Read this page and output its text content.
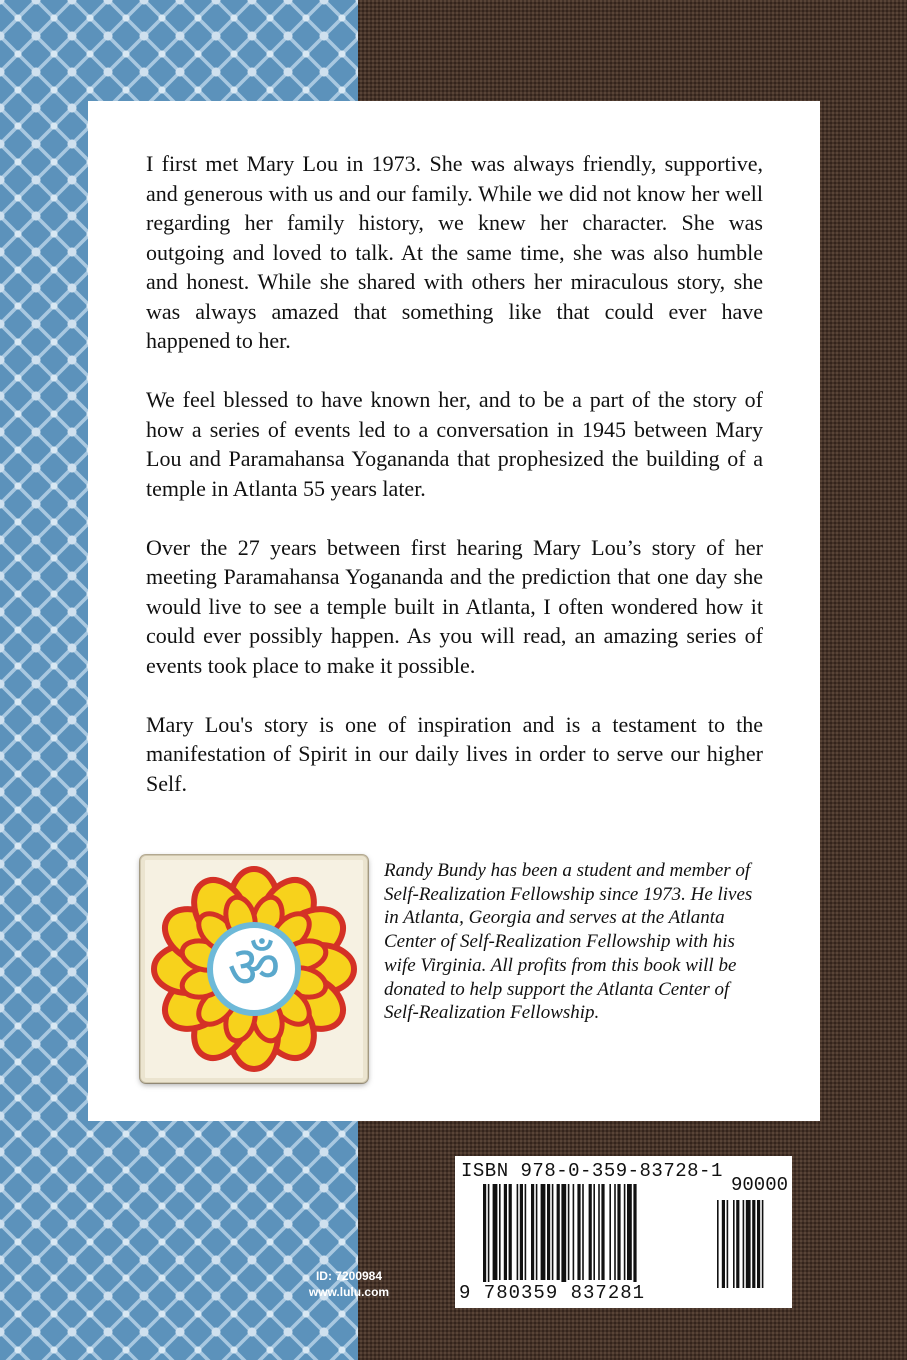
I first met Mary Lou in 1973. She was always friendly, supportive, and generous with us and our family. While we did not know her well regarding her family history, we knew her character. She was outgoing and loved to talk. At the same time, she was also humble and honest. While she shared with others her miraculous story, she was always amazed that something like that could ever have happened to her.

We feel blessed to have known her, and to be a part of the story of how a series of events led to a conversation in 1945 between Mary Lou and Paramahansa Yogananda that prophesized the building of a temple in Atlanta 55 years later.

Over the 27 years between first hearing Mary Lou’s story of her meeting Paramahansa Yogananda and the prediction that one day she would live to see a temple built in Atlanta, I often wondered how it could ever possibly happen. As you will read, an amazing series of events took place to make it possible.

Mary Lou's story is one of inspiration and is a testament to the manifestation of Spirit in our daily lives in order to serve our higher Self.

ॐ
Randy Bundy has been a student and member of Self-Realization Fellowship since 1973. He lives in Atlanta, Georgia and serves at the Atlanta Center of Self-Realization Fellowship with his wife Virginia. All profits from this book will be donated to help support the Atlanta Center of Self-Realization Fellowship.
ISBN 978-0-359-83728-1
90000
9 780359 837281
ID: 7200984
www.lulu.com
